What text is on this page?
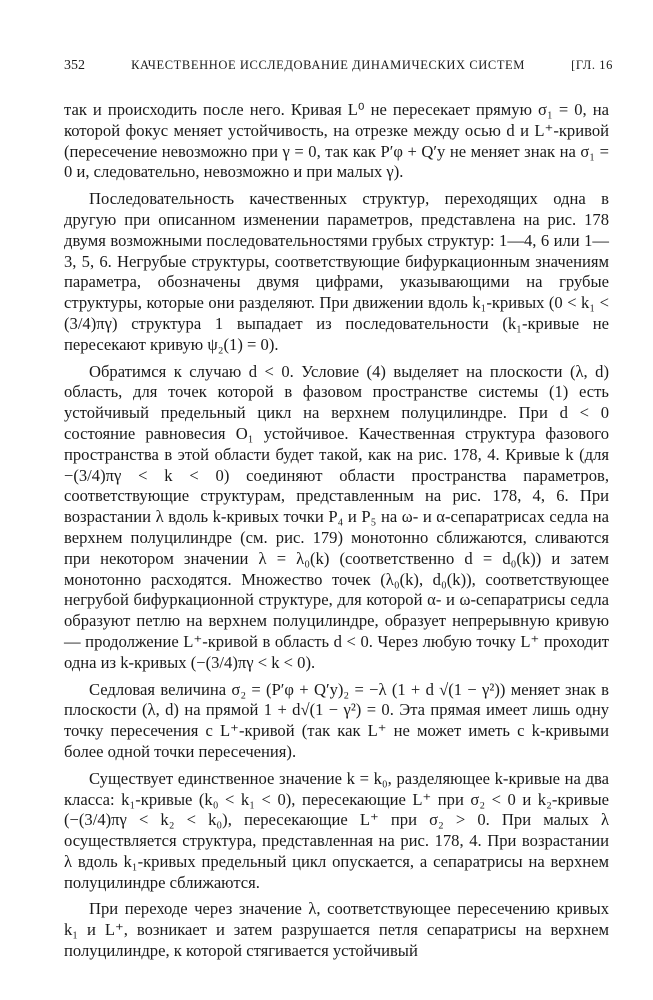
352	КАЧЕСТВЕННОЕ ИССЛЕДОВАНИЕ ДИНАМИЧЕСКИХ СИСТЕМ	[ГЛ. 16

так и происходить после него. Кривая L⁰ не пересекает прямую σ₁ = 0, на которой фокус меняет устойчивость, на отрезке между осью d и L⁺-кривой (пересечение невозможно при γ = 0, так как P′φ + Q′y не меняет знак на σ₁ = 0 и, следовательно, невозможно и при малых γ).

Последовательность качественных структур, переходящих одна в другую при описанном изменении параметров, представлена на рис. 178 двумя возможными последовательностями грубых структур: 1—4, 6 или 1—3, 5, 6. Негрубые структуры, соответствующие бифуркационным значениям параметра, обозначены двумя цифрами, указывающими на грубые структуры, которые они разделяют. При движении вдоль k₁-кривых (0 < k₁ < (3/4)πγ) структура 1 выпадает из последовательности (k₁-кривые не пересекают кривую ψ₂(1) = 0).

Обратимся к случаю d < 0. Условие (4) выделяет на плоскости (λ, d) область, для точек которой в фазовом пространстве системы (1) есть устойчивый предельный цикл на верхнем полуцилиндре. При d < 0 состояние равновесия O₁ устойчивое. Качественная структура фазового пространства в этой области будет такой, как на рис. 178, 4. Кривые k (для −(3/4)πγ < k < 0) соединяют области пространства параметров, соответствующие структурам, представленным на рис. 178, 4, 6. При возрастании λ вдоль k-кривых точки P₄ и P₅ на ω- и α-сепаратрисах седла на верхнем полуцилиндре (см. рис. 179) монотонно сближаются, сливаются при некотором значении λ = λ₀(k) (соответственно d = d₀(k)) и затем монотонно расходятся. Множество точек (λ₀(k), d₀(k)), соответствующее негрубой бифуркационной структуре, для которой α- и ω-сепаратрисы седла образуют петлю на верхнем полуцилиндре, образует непрерывную кривую — продолжение L⁺-кривой в область d < 0. Через любую точку L⁺ проходит одна из k-кривых (−(3/4)πγ < k < 0).

Седловая величина σ₂ = (P′φ + Q′y)₂ = −λ (1 + d √(1 − γ²)) меняет знак в плоскости (λ, d) на прямой 1 + d√(1 − γ²) = 0. Эта прямая имеет лишь одну точку пересечения с L⁺-кривой (так как L⁺ не может иметь с k-кривыми более одной точки пересечения).

Существует единственное значение k = k₀, разделяющее k-кривые на два класса: k₁-кривые (k₀ < k₁ < 0), пересекающие L⁺ при σ₂ < 0 и k₂-кривые (−(3/4)πγ < k₂ < k₀), пересекающие L⁺ при σ₂ > 0. При малых λ осуществляется структура, представленная на рис. 178, 4. При возрастании λ вдоль k₁-кривых предельный цикл опускается, а сепаратрисы на верхнем полуцилиндре сближаются.

При переходе через значение λ, соответствующее пересечению кривых k₁ и L⁺, возникает и затем разрушается петля сепаратрисы на верхнем полуцилиндре, к которой стягивается устойчивый
